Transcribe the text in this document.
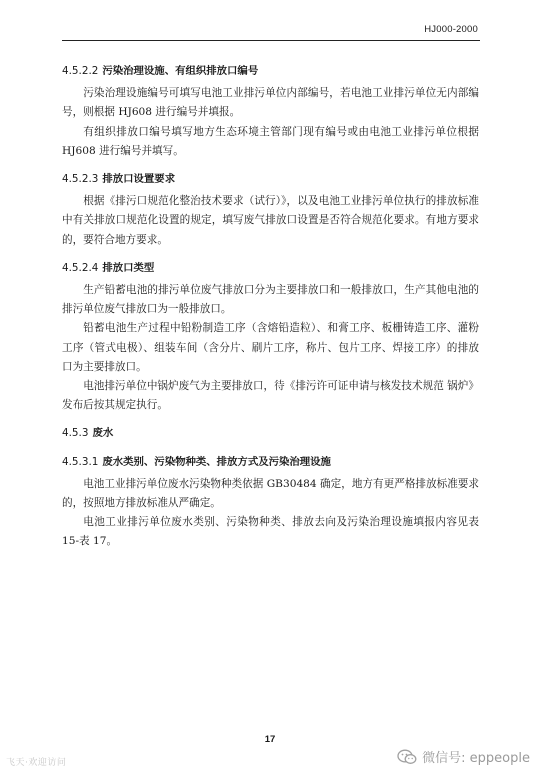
HJ000-2000
4.5.2.2 污染治理设施、有组织排放口编号

污染治理设施编号可填写电池工业排污单位内部编号，若电池工业排污单位无内部编号，则根据 HJ608 进行编号并填报。

有组织排放口编号填写地方生态环境主管部门现有编号或由电池工业排污单位根据 HJ608 进行编号并填写。

4.5.2.3 排放口设置要求

根据《排污口规范化整治技术要求（试行）》，以及电池工业排污单位执行的排放标准中有关排放口规范化设置的规定，填写废气排放口设置是否符合规范化要求。有地方要求的，要符合地方要求。

4.5.2.4 排放口类型

生产铅蓄电池的排污单位废气排放口分为主要排放口和一般排放口，生产其他电池的排污单位废气排放口为一般排放口。

铅蓄电池生产过程中铅粉制造工序（含熔铅造粒）、和膏工序、板栅铸造工序、灌粉工序（管式电极）、组装车间（含分片、刷片工序，称片、包片工序、焊接工序）的排放口为主要排放口。

电池排污单位中锅炉废气为主要排放口，待《排污许可证申请与核发技术规范 锅炉》发布后按其规定执行。

4.5.3 废水
4.5.3.1 废水类别、污染物种类、排放方式及污染治理设施

电池工业排污单位废水污染物种类依据 GB30484 确定，地方有更严格排放标准要求的，按照地方排放标准从严确定。

电池工业排污单位废水类别、污染物种类、排放去向及污染治理设施填报内容见表 15-表 17。

17
飞天·欢迎访问	微信号: eppeople
